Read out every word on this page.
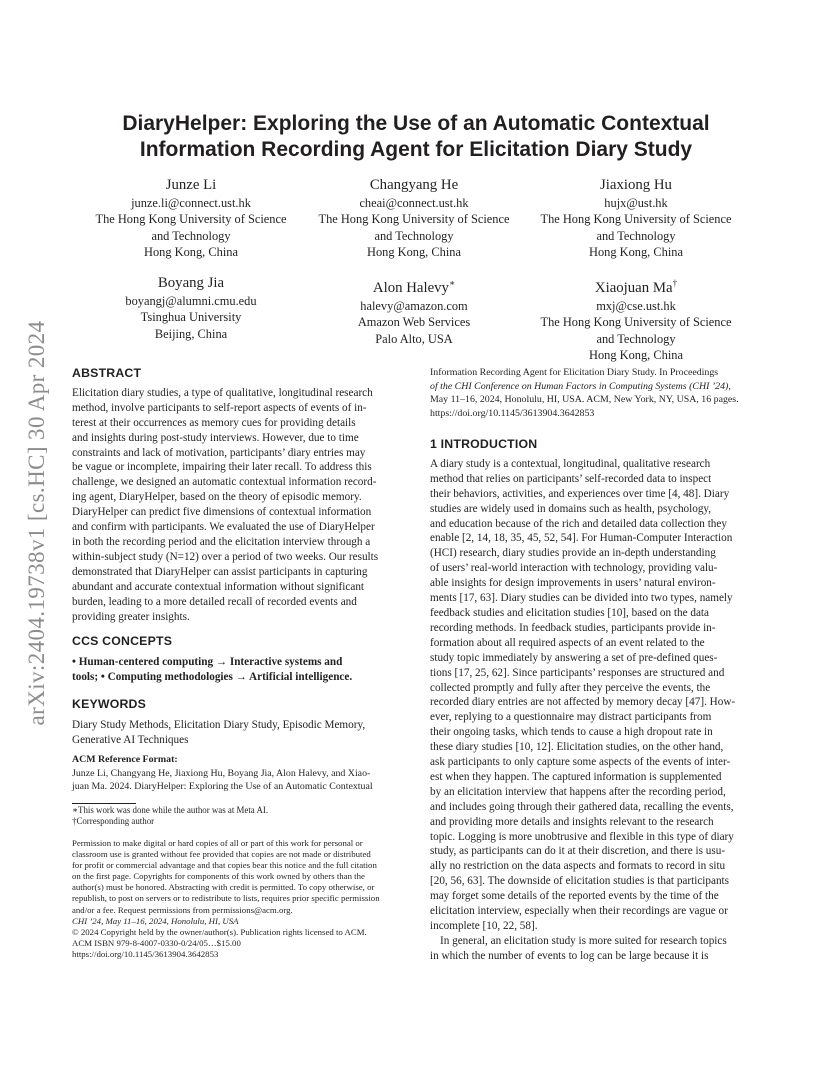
arXiv:2404.19738v1 [cs.HC] 30 Apr 2024
DiaryHelper: Exploring the Use of an Automatic Contextual
Information Recording Agent for Elicitation Diary Study
Junze Li
junze.li@connect.ust.hk
The Hong Kong University of Science
and Technology
Hong Kong, China
Changyang He
cheai@connect.ust.hk
The Hong Kong University of Science
and Technology
Hong Kong, China
Jiaxiong Hu
hujx@ust.hk
The Hong Kong University of Science
and Technology
Hong Kong, China
Boyang Jia
boyangj@alumni.cmu.edu
Tsinghua University
Beijing, China
Alon Halevy∗
halevy@amazon.com
Amazon Web Services
Palo Alto, USA
Xiaojuan Ma†
mxj@cse.ust.hk
The Hong Kong University of Science
and Technology
Hong Kong, China
ABSTRACT
Elicitation diary studies, a type of qualitative, longitudinal research
method, involve participants to self-report aspects of events of in-
terest at their occurrences as memory cues for providing details
and insights during post-study interviews. However, due to time
constraints and lack of motivation, participants’ diary entries may
be vague or incomplete, impairing their later recall. To address this
challenge, we designed an automatic contextual information record-
ing agent, DiaryHelper, based on the theory of episodic memory.
DiaryHelper can predict five dimensions of contextual information
and confirm with participants. We evaluated the use of DiaryHelper
in both the recording period and the elicitation interview through a
within-subject study (N=12) over a period of two weeks. Our results
demonstrated that DiaryHelper can assist participants in capturing
abundant and accurate contextual information without significant
burden, leading to a more detailed recall of recorded events and
providing greater insights.
CCS CONCEPTS
• Human-centered computing → Interactive systems and
tools; • Computing methodologies → Artificial intelligence.
KEYWORDS
Diary Study Methods, Elicitation Diary Study, Episodic Memory,
Generative AI Techniques
ACM Reference Format:
Junze Li, Changyang He, Jiaxiong Hu, Boyang Jia, Alon Halevy, and Xiao-
juan Ma. 2024. DiaryHelper: Exploring the Use of an Automatic Contextual
∗This work was done while the author was at Meta AI.
†Corresponding author
Permission to make digital or hard copies of all or part of this work for personal or
classroom use is granted without fee provided that copies are not made or distributed
for profit or commercial advantage and that copies bear this notice and the full citation
on the first page. Copyrights for components of this work owned by others than the
author(s) must be honored. Abstracting with credit is permitted. To copy otherwise, or
republish, to post on servers or to redistribute to lists, requires prior specific permission
and/or a fee. Request permissions from permissions@acm.org.
CHI ’24, May 11–16, 2024, Honolulu, HI, USA
© 2024 Copyright held by the owner/author(s). Publication rights licensed to ACM.
ACM ISBN 979-8-4007-0330-0/24/05…$15.00
https://doi.org/10.1145/3613904.3642853
Information Recording Agent for Elicitation Diary Study. In Proceedings
of the CHI Conference on Human Factors in Computing Systems (CHI ’24),
May 11–16, 2024, Honolulu, HI, USA. ACM, New York, NY, USA, 16 pages.
https://doi.org/10.1145/3613904.3642853
1 INTRODUCTION
A diary study is a contextual, longitudinal, qualitative research
method that relies on participants’ self-recorded data to inspect
their behaviors, activities, and experiences over time [4, 48]. Diary
studies are widely used in domains such as health, psychology,
and education because of the rich and detailed data collection they
enable [2, 14, 18, 35, 45, 52, 54]. For Human-Computer Interaction
(HCI) research, diary studies provide an in-depth understanding
of users’ real-world interaction with technology, providing valu-
able insights for design improvements in users’ natural environ-
ments [17, 63]. Diary studies can be divided into two types, namely
feedback studies and elicitation studies [10], based on the data
recording methods. In feedback studies, participants provide in-
formation about all required aspects of an event related to the
study topic immediately by answering a set of pre-defined ques-
tions [17, 25, 62]. Since participants’ responses are structured and
collected promptly and fully after they perceive the events, the
recorded diary entries are not affected by memory decay [47]. How-
ever, replying to a questionnaire may distract participants from
their ongoing tasks, which tends to cause a high dropout rate in
these diary studies [10, 12]. Elicitation studies, on the other hand,
ask participants to only capture some aspects of the events of inter-
est when they happen. The captured information is supplemented
by an elicitation interview that happens after the recording period,
and includes going through their gathered data, recalling the events,
and providing more details and insights relevant to the research
topic. Logging is more unobtrusive and flexible in this type of diary
study, as participants can do it at their discretion, and there is usu-
ally no restriction on the data aspects and formats to record in situ
[20, 56, 63]. The downside of elicitation studies is that participants
may forget some details of the reported events by the time of the
elicitation interview, especially when their recordings are vague or
incomplete [10, 22, 58].
In general, an elicitation study is more suited for research topics
in which the number of events to log can be large because it is
